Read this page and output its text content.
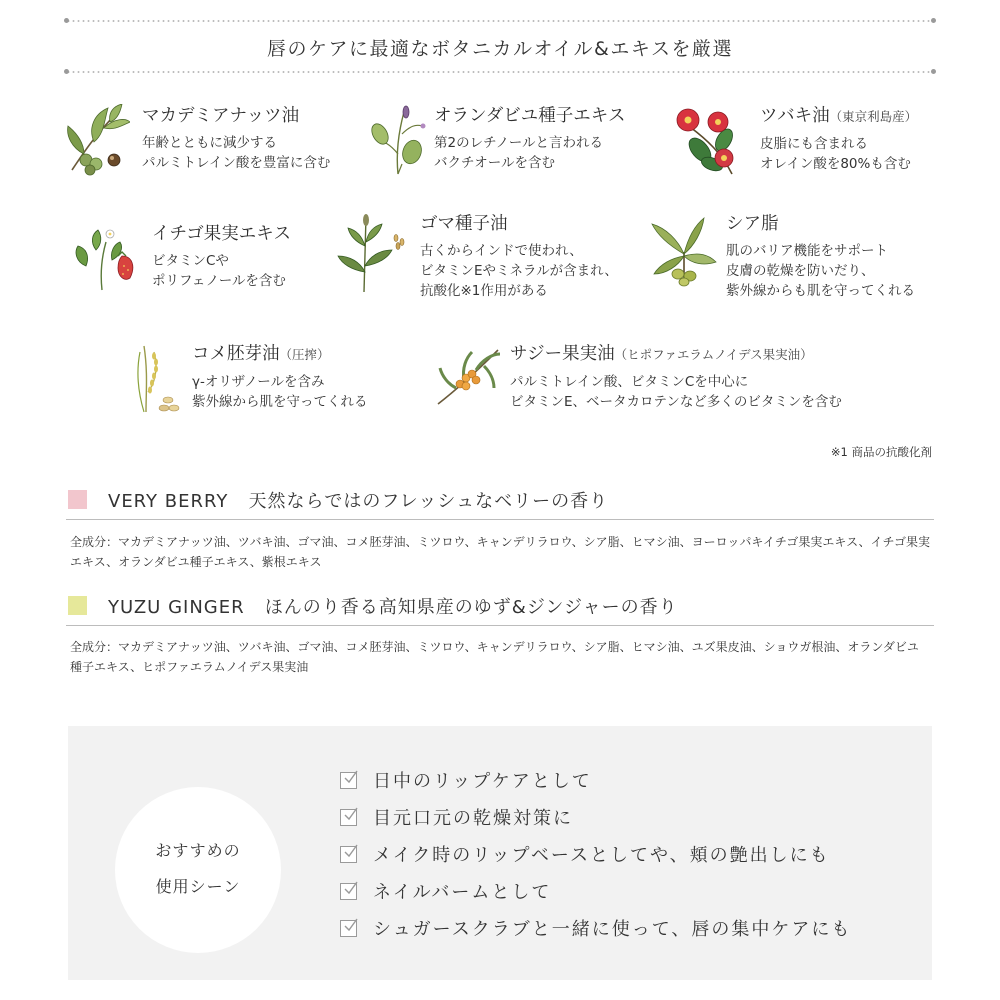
唇のケアに最適なボタニカルオイル&エキスを厳選
マカデミアナッツ油
年齢とともに減少する
パルミトレイン酸を豊富に含む
オランダビユ種子エキス
第2のレチノールと言われる
バクチオールを含む
ツバキ油（東京利島産）
皮脂にも含まれる
オレイン酸を80%も含む
イチゴ果実エキス
ビタミンCや
ポリフェノールを含む
ゴマ種子油
古くからインドで使われ、
ビタミンEやミネラルが含まれ、
抗酸化※1作用がある
シア脂
肌のバリア機能をサポート
皮膚の乾燥を防いだり、
紫外線からも肌を守ってくれる
コメ胚芽油（圧搾）
γ-オリザノールを含み
紫外線から肌を守ってくれる
サジー果実油（ヒポファエラムノイデス果実油）
パルミトレイン酸、ビタミンCを中心に
ビタミンE、ベータカロテンなど多くのビタミンを含む
※1 商品の抗酸化剤
VERY BERRY 天然ならではのフレッシュなベリーの香り
全成分：マカデミアナッツ油、ツバキ油、ゴマ油、コメ胚芽油、ミツロウ、キャンデリラロウ、シア脂、ヒマシ油、ヨーロッパキイチゴ果実エキス、イチゴ果実
エキス、オランダビユ種子エキス、紫根エキス
YUZU GINGER ほんのり香る高知県産のゆず&ジンジャーの香り
全成分：マカデミアナッツ油、ツバキ油、ゴマ油、コメ胚芽油、ミツロウ、キャンデリラロウ、シア脂、ヒマシ油、ユズ果皮油、ショウガ根油、オランダビユ
種子エキス、ヒポファエラムノイデス果実油
おすすめの
使用シーン
日中のリップケアとして
目元口元の乾燥対策に
メイク時のリップベースとしてや、頬の艶出しにも
ネイルバームとして
シュガースクラブと一緒に使って、唇の集中ケアにも
